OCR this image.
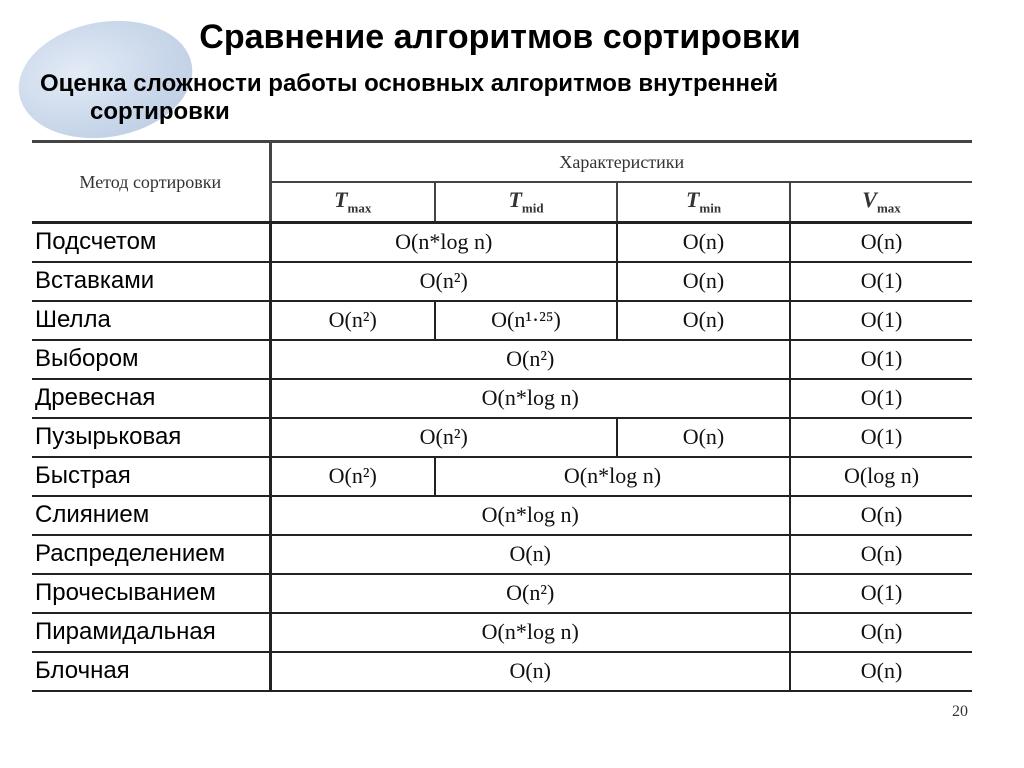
Сравнение алгоритмов сортировки

Оценка сложности работы основных алгоритмов внутренней
сортировки

Метод сортировки	Характеристики			
	$T_{max}$	$T_{mid}$	$T_{min}$	$V_{max}$
Подсчетом	O(n*log n)		O(n)	O(n)
Вставками	O(n²)		O(n)	O(1)
Шелла	O(n²)	O(n¹·²⁵)	O(n)	O(1)
Выбором	O(n²)			O(1)
Древесная	O(n*log n)			O(1)
Пузырьковая	O(n²)		O(n)	O(1)
Быстрая	O(n²)	O(n*log n)		O(log n)
Слиянием	O(n*log n)			O(n)
Распределением	O(n)			O(n)
Прочесыванием	O(n²)			O(1)
Пирамидальная	O(n*log n)			O(n)
Блочная	O(n)			O(n)
20
